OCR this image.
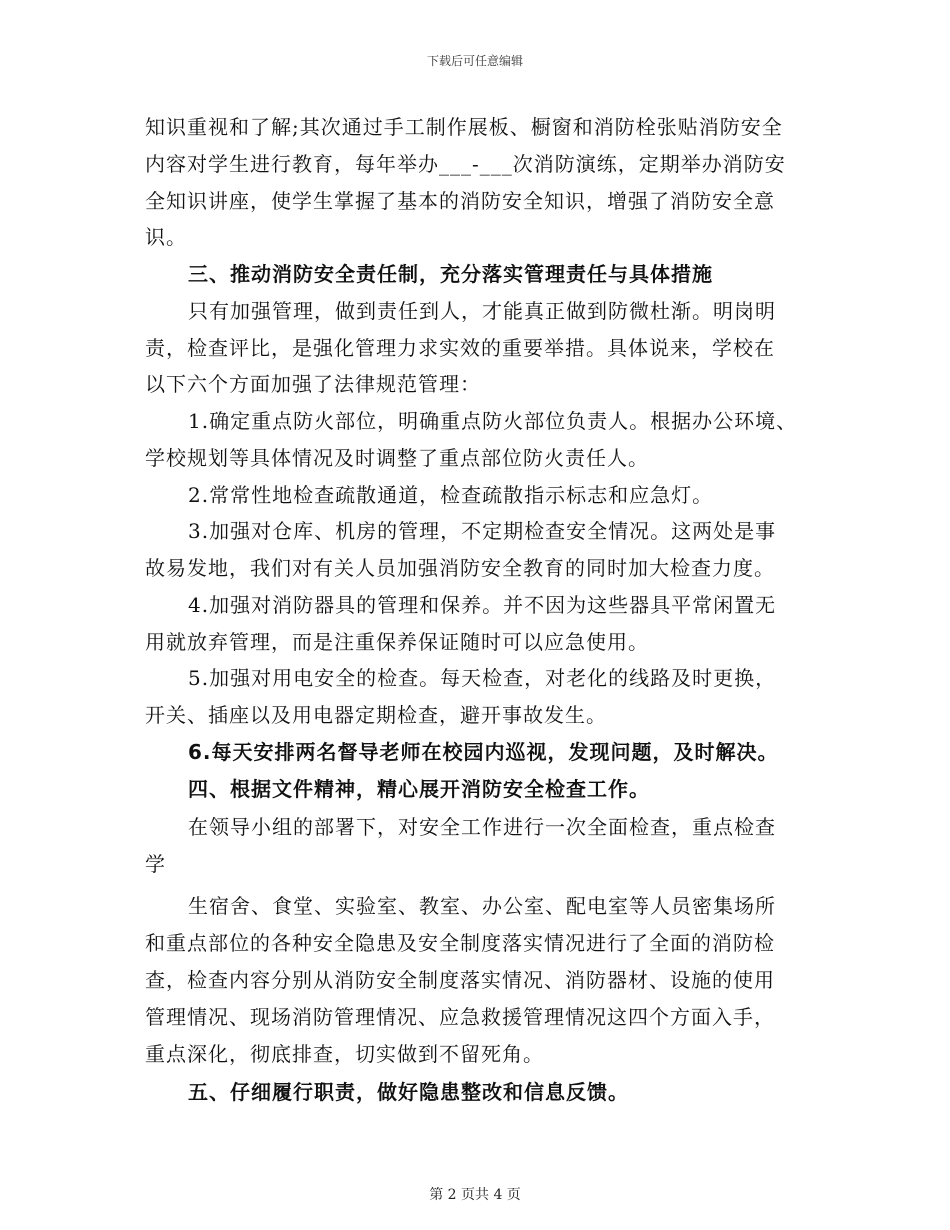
下载后可任意编辑

知识重视和了解;其次通过手工制作展板、橱窗和消防栓张贴消防安全

内容对学生进行教育，每年举办___-___次消防演练，定期举办消防安

全知识讲座，使学生掌握了基本的消防安全知识，增强了消防安全意

识。

三、推动消防安全责任制，充分落实管理责任与具体措施

只有加强管理，做到责任到人，才能真正做到防微杜渐。明岗明

责，检查评比，是强化管理力求实效的重要举措。具体说来，学校在

以下六个方面加强了法律规范管理：

1.确定重点防火部位，明确重点防火部位负责人。根据办公环境、

学校规划等具体情况及时调整了重点部位防火责任人。

2.常常性地检查疏散通道，检查疏散指示标志和应急灯。

3.加强对仓库、机房的管理，不定期检查安全情况。这两处是事

故易发地，我们对有关人员加强消防安全教育的同时加大检查力度。

4.加强对消防器具的管理和保养。并不因为这些器具平常闲置无

用就放弃管理，而是注重保养保证随时可以应急使用。

5.加强对用电安全的检查。每天检查，对老化的线路及时更换，

开关、插座以及用电器定期检查，避开事故发生。

6.每天安排两名督导老师在校园内巡视，发现问题，及时解决。

四、根据文件精神，精心展开消防安全检查工作。

在领导小组的部署下，对安全工作进行一次全面检查，重点检查

学

生宿舍、食堂、实验室、教室、办公室、配电室等人员密集场所

和重点部位的各种安全隐患及安全制度落实情况进行了全面的消防检

查，检查内容分别从消防安全制度落实情况、消防器材、设施的使用

管理情况、现场消防管理情况、应急救援管理情况这四个方面入手，

重点深化，彻底排查，切实做到不留死角。

五、仔细履行职责，做好隐患整改和信息反馈。

第 2 页共 4 页
